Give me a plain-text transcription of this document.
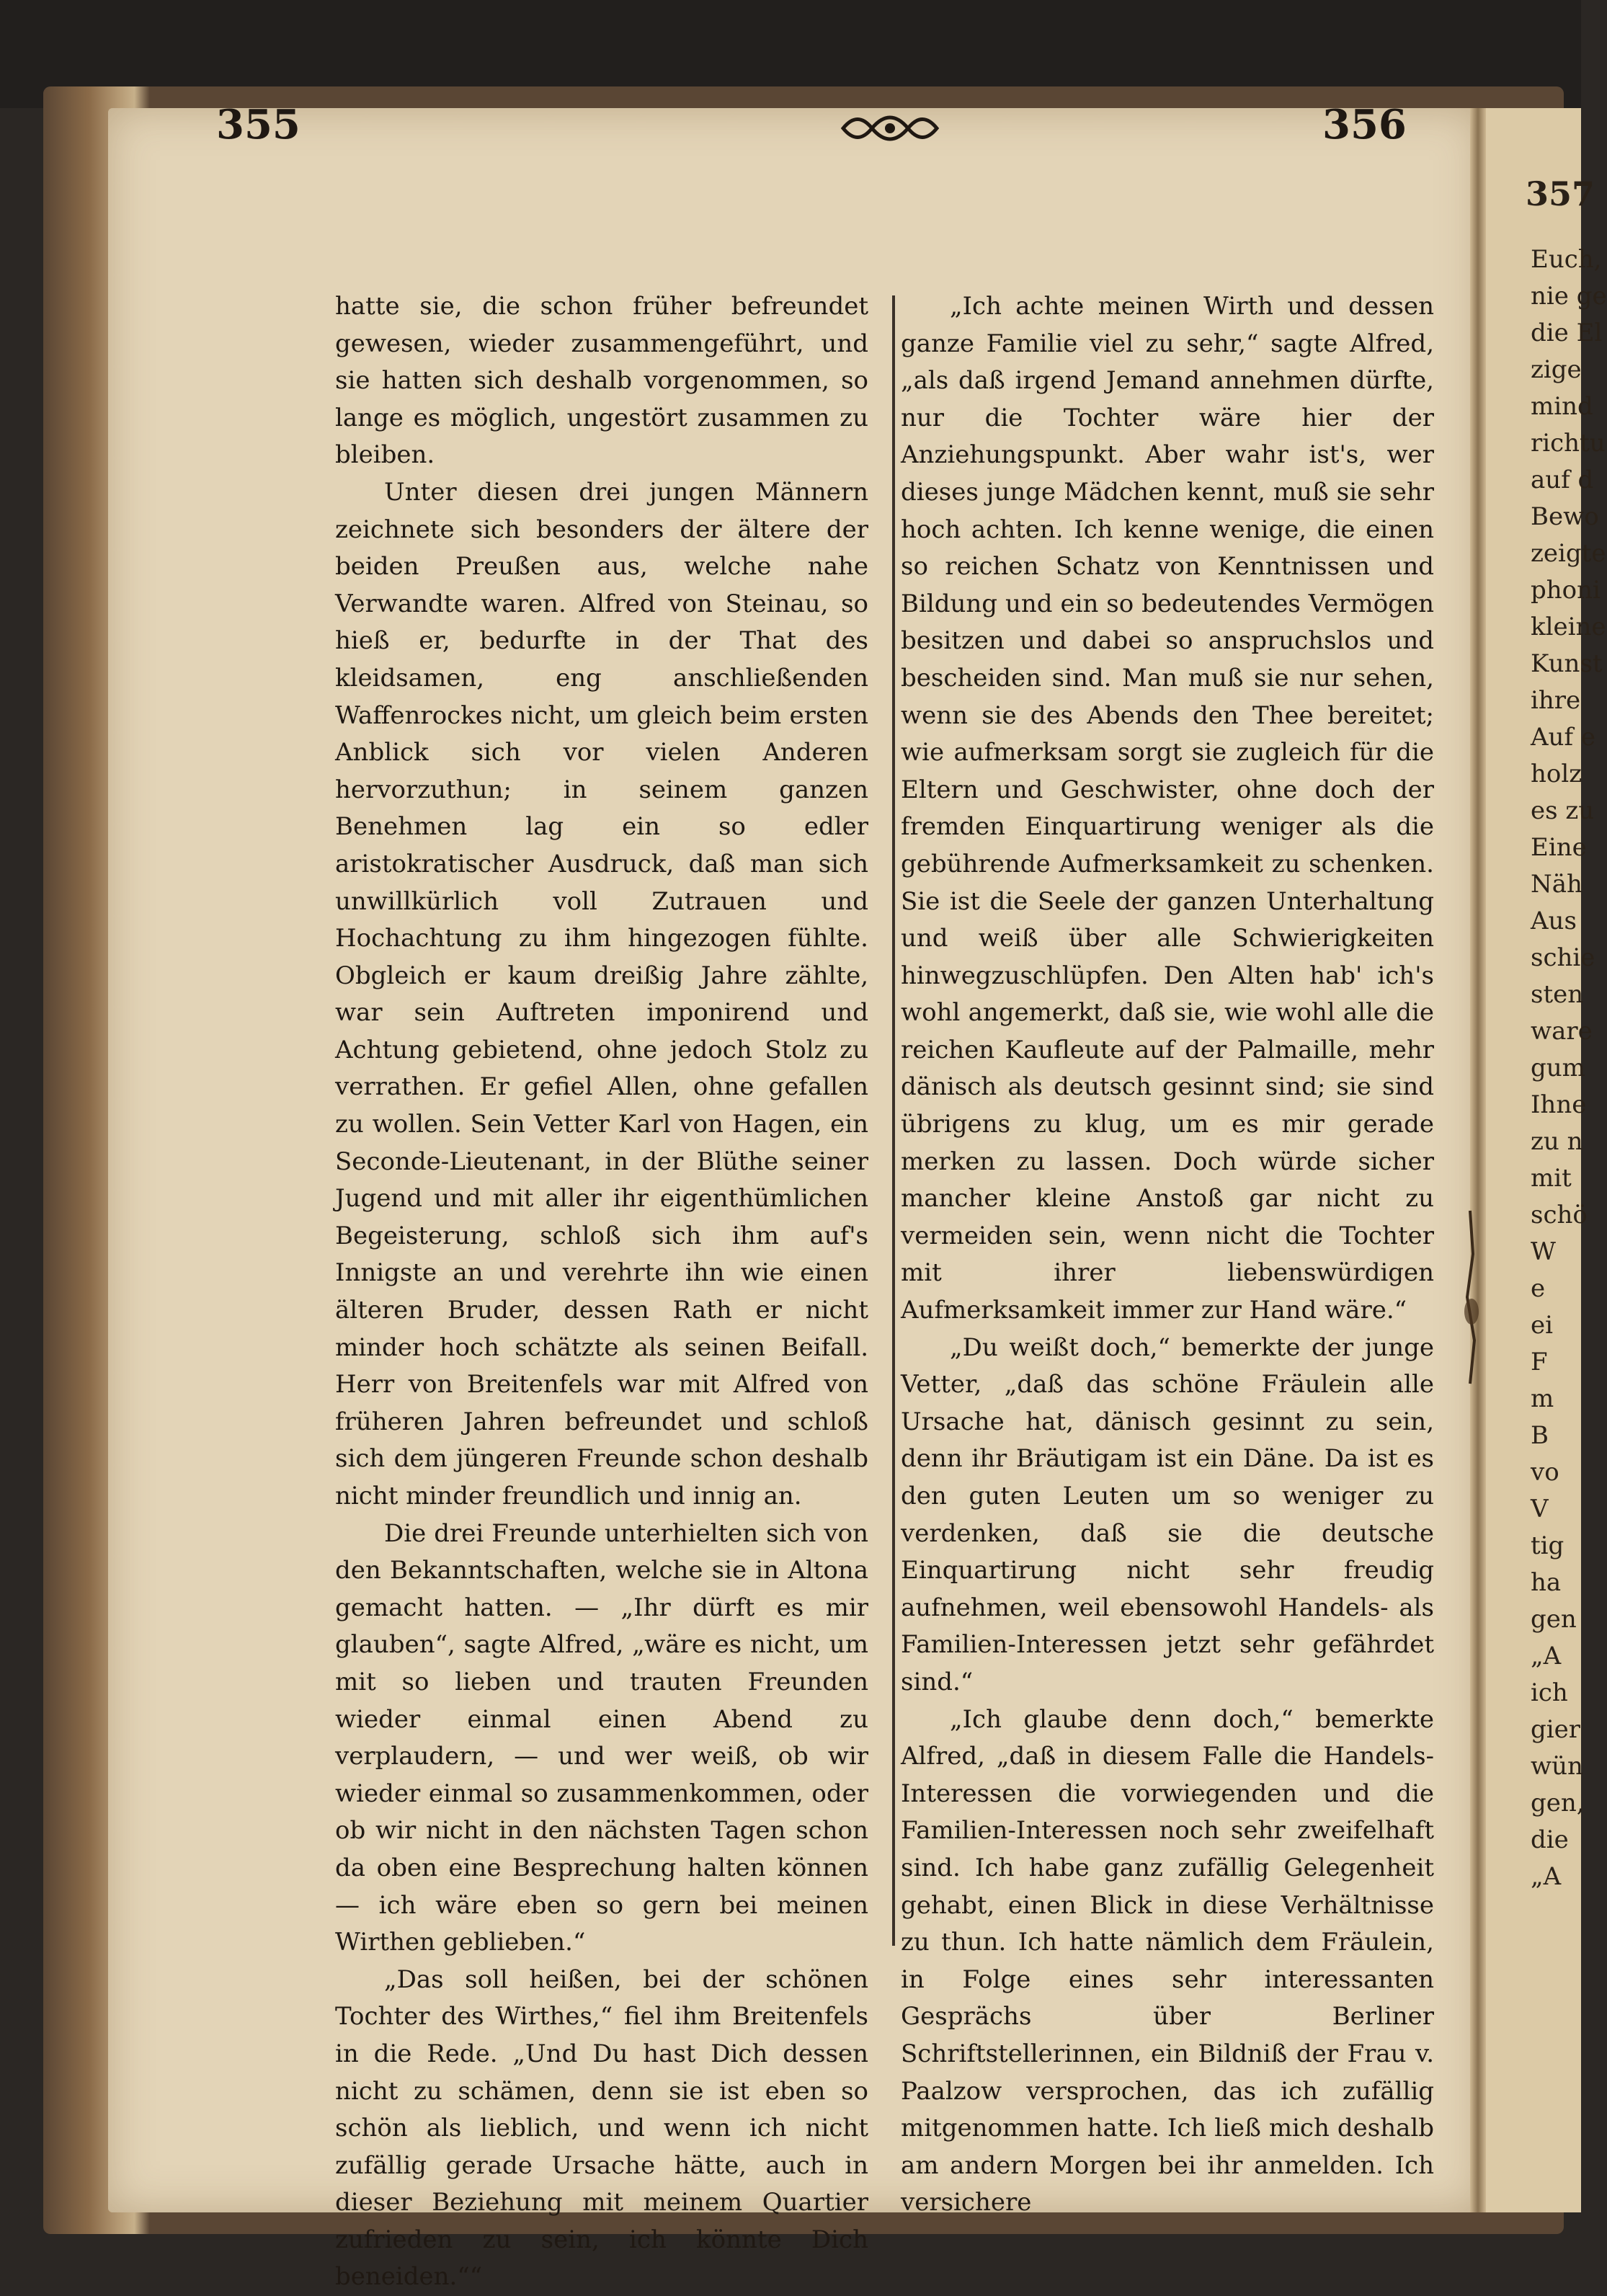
357
Euch,
nie ge
die El
zige
mind
richtu
auf d
Bewo
zeigte
phoni
kleine
Kunst
ihre
Auf e
holz
es zu
Eine
Näh
Aus
schie
sten
ware
gum
Ihne
zu n
mit
schö
W
e
ei
F
m
B
vo
V
tig
ha
gen
„A
ich
gier
wün
gen,
die
„A
355	356

hatte sie, die schon früher befreundet gewesen, wieder zusammengeführt, und sie hatten sich deshalb vorgenommen, so lange es möglich, ungestört zusammen zu bleiben.

Unter diesen drei jungen Männern zeichnete sich besonders der ältere der beiden Preußen aus, welche nahe Verwandte waren. Alfred von Steinau, so hieß er, bedurfte in der That des kleidsamen, eng anschließenden Waffenrockes nicht, um gleich beim ersten Anblick sich vor vielen Anderen hervorzuthun; in seinem ganzen Benehmen lag ein so edler aristokratischer Ausdruck, daß man sich unwillkürlich voll Zutrauen und Hochachtung zu ihm hingezogen fühlte. Obgleich er kaum dreißig Jahre zählte, war sein Auftreten imponirend und Achtung gebietend, ohne jedoch Stolz zu verrathen. Er gefiel Allen, ohne gefallen zu wollen. Sein Vetter Karl von Hagen, ein Seconde-Lieutenant, in der Blüthe seiner Jugend und mit aller ihr eigenthümlichen Begeisterung, schloß sich ihm auf's Innigste an und verehrte ihn wie einen älteren Bruder, dessen Rath er nicht minder hoch schätzte als seinen Beifall. Herr von Breitenfels war mit Alfred von früheren Jahren befreundet und schloß sich dem jüngeren Freunde schon deshalb nicht minder freundlich und innig an.

Die drei Freunde unterhielten sich von den Bekanntschaften, welche sie in Altona gemacht hatten. — „Ihr dürft es mir glauben“, sagte Alfred, „wäre es nicht, um mit so lieben und trauten Freunden wieder einmal einen Abend zu verplaudern, — und wer weiß, ob wir wieder einmal so zusammenkommen, oder ob wir nicht in den nächsten Tagen schon da oben eine Besprechung halten können — ich wäre eben so gern bei meinen Wirthen geblieben.“

„Das soll heißen, bei der schönen Tochter des Wirthes,“ fiel ihm Breitenfels in die Rede. „Und Du hast Dich dessen nicht zu schämen, denn sie ist eben so schön als lieblich, und wenn ich nicht zufällig gerade Ursache hätte, auch in dieser Beziehung mit meinem Quartier zufrieden zu sein, ich könnte Dich beneiden.““

„Ich achte meinen Wirth und dessen ganze Familie viel zu sehr,“ sagte Alfred, „als daß irgend Jemand annehmen dürfte, nur die Tochter wäre hier der Anziehungspunkt. Aber wahr ist's, wer dieses junge Mädchen kennt, muß sie sehr hoch achten. Ich kenne wenige, die einen so reichen Schatz von Kenntnissen und Bildung und ein so bedeutendes Vermögen besitzen und dabei so anspruchslos und bescheiden sind. Man muß sie nur sehen, wenn sie des Abends den Thee bereitet; wie aufmerksam sorgt sie zugleich für die Eltern und Geschwister, ohne doch der fremden Einquartirung weniger als die gebührende Aufmerksamkeit zu schenken. Sie ist die Seele der ganzen Unterhaltung und weiß über alle Schwierigkeiten hinwegzuschlüpfen. Den Alten hab' ich's wohl angemerkt, daß sie, wie wohl alle die reichen Kaufleute auf der Palmaille, mehr dänisch als deutsch gesinnt sind; sie sind übrigens zu klug, um es mir gerade merken zu lassen. Doch würde sicher mancher kleine Anstoß gar nicht zu vermeiden sein, wenn nicht die Tochter mit ihrer liebenswürdigen Aufmerksamkeit immer zur Hand wäre.“

„Du weißt doch,“ bemerkte der junge Vetter, „daß das schöne Fräulein alle Ursache hat, dänisch gesinnt zu sein, denn ihr Bräutigam ist ein Däne. Da ist es den guten Leuten um so weniger zu verdenken, daß sie die deutsche Einquartirung nicht sehr freudig aufnehmen, weil ebensowohl Handels- als Familien-Interessen jetzt sehr gefährdet sind.“

„Ich glaube denn doch,“ bemerkte Alfred, „daß in diesem Falle die Handels-Interessen die vorwiegenden und die Familien-Interessen noch sehr zweifelhaft sind. Ich habe ganz zufällig Gelegenheit gehabt, einen Blick in diese Verhältnisse zu thun. Ich hatte nämlich dem Fräulein, in Folge eines sehr interessanten Gesprächs über Berliner Schriftstellerinnen, ein Bildniß der Frau v. Paalzow versprochen, das ich zufällig mitgenommen hatte. Ich ließ mich deshalb am andern Morgen bei ihr anmelden. Ich versichere
